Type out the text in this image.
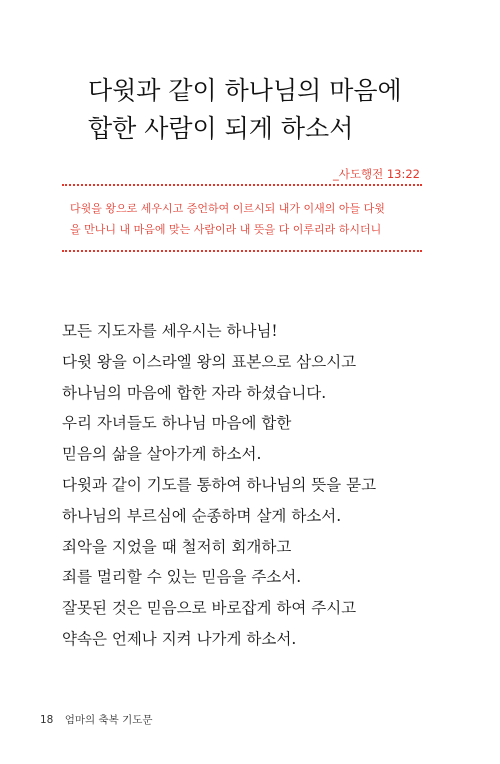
다윗과 같이 하나님의 마음에
합한 사람이 되게 하소서
_사도행전 13:22
다윗을 왕으로 세우시고 증언하여 이르시되 내가 이새의 아들 다윗
을 만나니 내 마음에 맞는 사람이라 내 뜻을 다 이루리라 하시더니
모든 지도자를 세우시는 하나님!
다윗 왕을 이스라엘 왕의 표본으로 삼으시고
하나님의 마음에 합한 자라 하셨습니다.
우리 자녀들도 하나님 마음에 합한
믿음의 삶을 살아가게 하소서.
다윗과 같이 기도를 통하여 하나님의 뜻을 묻고
하나님의 부르심에 순종하며 살게 하소서.
죄악을 지었을 때 철저히 회개하고
죄를 멀리할 수 있는 믿음을 주소서.
잘못된 것은 믿음으로 바로잡게 하여 주시고
약속은 언제나 지켜 나가게 하소서.
18 엄마의 축복 기도문
